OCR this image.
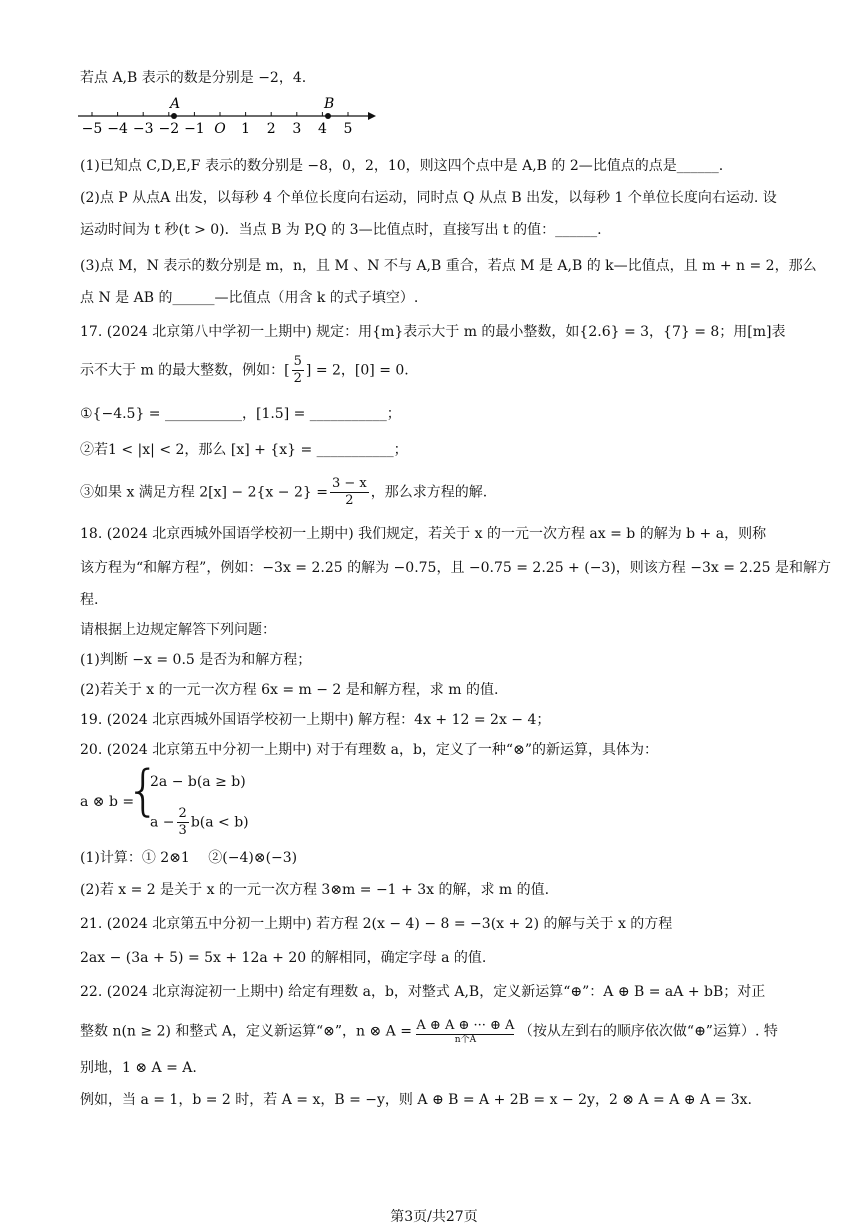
若点 A,B 表示的数是分别是 −2，4.
−5 −4 −3 −2 −1 O 1 2 3 4 5
A	B
(1)已知点 C,D,E,F 表示的数分别是 −8，0，2，10，则这四个点中是 A,B 的 2—比值点的点是______.
(2)点 P 从点A 出发，以每秒 4 个单位长度向右运动，同时点 Q 从点 B 出发，以每秒 1 个单位长度向右运动. 设
运动时间为 t 秒(t > 0)．当点 B 为 P,Q 的 3—比值点时，直接写出 t 的值：______.
(3)点 M，N 表示的数分别是 m，n，且 M 、N 不与 A,B 重合，若点 M 是 A,B 的 k—比值点，且 m + n = 2，那么
点 N 是 AB 的______—比值点（用含 k 的式子填空）.
17. (2024 北京第八中学初一上期中) 规定：用{m}表示大于 m 的最小整数，如{2.6} = 3，{7} = 8；用[m]表
示不大于 m 的最大整数，例如：[ $\frac{5}{2}$ ] = 2，[0] = 0.
①{−4.5} = ___________，[1.5] = ___________；
②若1 < |x| < 2，那么 [x] + {x} = ___________；
③如果 x 满足方程 $2[x] - 2\{x - 2\} = \frac{3 - x}{2}$ ，那么求方程的解.
18. (2024 北京西城外国语学校初一上期中) 我们规定，若关于 x 的一元一次方程 ax = b 的解为 b + a，则称
该方程为“和解方程”，例如：−3x = 2.25 的解为 −0.75，且 −0.75 = 2.25 + (−3)，则该方程 −3x = 2.25 是和解方
程.
请根据上边规定解答下列问题：
(1)判断 −x = 0.5 是否为和解方程；
(2)若关于 x 的一元一次方程 6x = m − 2 是和解方程，求 m 的值.
19. (2024 北京西城外国语学校初一上期中) 解方程：4x + 12 = 2x − 4；
20. (2024 北京第五中分初一上期中) 对于有理数 a，b，定义了一种“⊗”的新运算，具体为：
a ⊗ b =
{
2a − b(a ≥ b)
$a - \frac{2}{3} b(a < b)$
(1)计算：① 2⊗1　 ②(−4)⊗(−3)
(2)若 x = 2 是关于 x 的一元一次方程 3⊗m = −1 + 3x 的解，求 m 的值.
21. (2024 北京第五中分初一上期中) 若方程 2(x − 4) − 8 = −3(x + 2) 的解与关于 x 的方程
2ax − (3a + 5) = 5x + 12a + 20 的解相同，确定字母 a 的值.
22. (2024 北京海淀初一上期中) 给定有理数 a，b，对整式 A,B，定义新运算“⊕”：A ⊕ B = aA + bB；对正
整数 n(n ≥ 2) 和整式 A，定义新运算“⊗”，n ⊗ A = A ⊕ A ⊕ ··· ⊕ A
n个A
（按从左到右的顺序依次做“⊕”运算）. 特
别地，1 ⊗ A = A.
例如，当 a = 1，b = 2 时，若 A = x，B = −y，则 A ⊕ B = A + 2B = x − 2y，2 ⊗ A = A ⊕ A = 3x.
第3页/共27页
